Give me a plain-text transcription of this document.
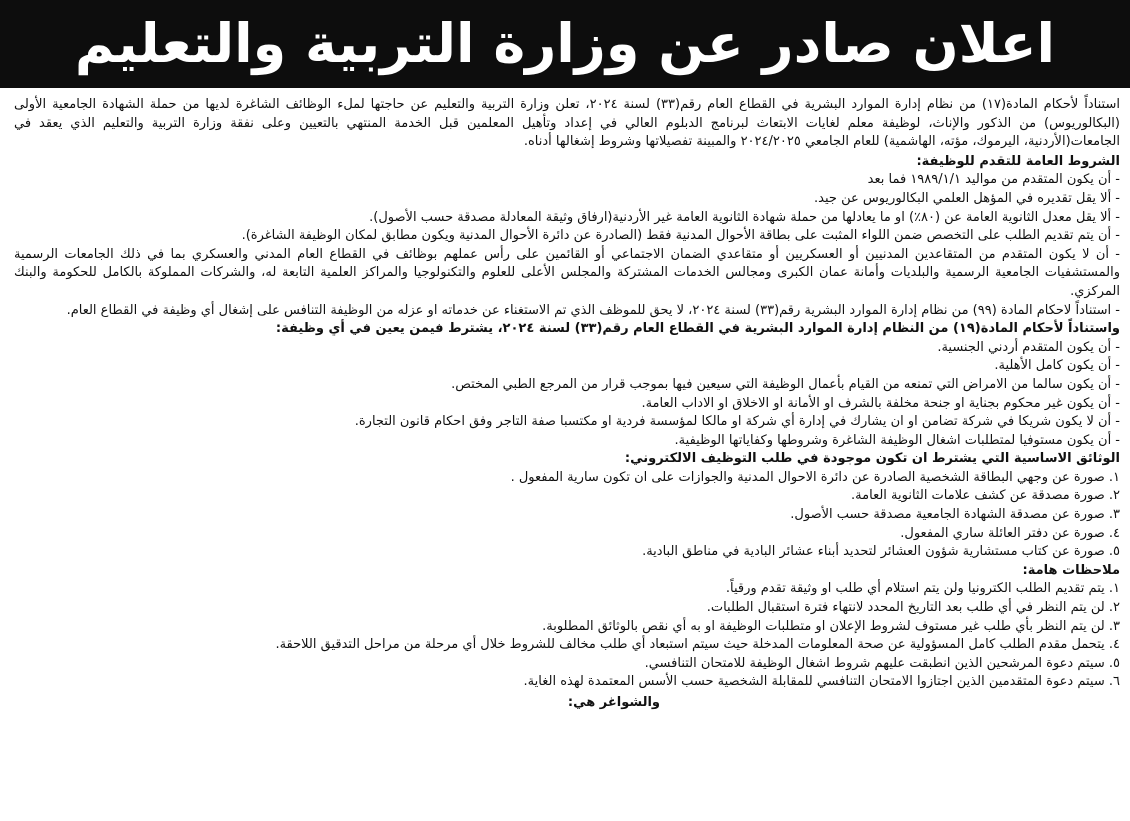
اعلان صادر عن وزارة التربية والتعليم

استناداً لأحكام المادة(١٧) من نظام إدارة الموارد البشرية في القطاع العام رقم(٣٣) لسنة ٢٠٢٤، تعلن وزارة التربية والتعليم عن حاجتها لملء الوظائف الشاغرة لديها من حملة الشهادة الجامعية الأولى (البكالوريوس) من الذكور والإناث، لوظيفة معلم لغايات الابتعاث لبرنامج الدبلوم العالي في إعداد وتأهيل المعلمين قبل الخدمة المنتهي بالتعيين وعلى نفقة وزارة التربية والتعليم الذي يعقد في الجامعات(الأردنية، اليرموك، مؤته، الهاشمية) للعام الجامعي ٢٠٢٤/٢٠٢٥ والمبينة تفصيلاتها وشروط إشغالها أدناه.

الشروط العامة للتقدم للوظيفة:
- أن يكون المتقدم من مواليد ١٩٨٩/١/١ فما بعد
- ألا يقل تقديره في المؤهل العلمي البكالوريوس عن جيد.
- ألا يقل معدل الثانوية العامة عن (٨٠٪) او ما يعادلها من حملة شهادة الثانوية العامة غير الأردنية(ارفاق وثيقة المعادلة مصدقة حسب الأصول).
- أن يتم تقديم الطلب على التخصص ضمن اللواء المثبت على بطاقة الأحوال المدنية فقط (الصادرة عن دائرة الأحوال المدنية ويكون مطابق لمكان الوظيفة الشاغرة).
- أن لا يكون المتقدم من المتقاعدين المدنيين أو العسكريين أو متقاعدي الضمان الاجتماعي أو القائمين على رأس عملهم بوظائف في القطاع العام المدني والعسكري بما في ذلك الجامعات الرسمية والمستشفيات الجامعية الرسمية والبلديات وأمانة عمان الكبرى ومجالس الخدمات المشتركة والمجلس الأعلى للعلوم والتكنولوجيا والمراكز العلمية التابعة له، والشركات المملوكة بالكامل للحكومة والبنك المركزي.
- استناداً لاحكام المادة (٩٩) من نظام إدارة الموارد البشرية رقم(٣٣) لسنة ٢٠٢٤، لا يحق للموظف الذي تم الاستغناء عن خدماته او عزله من الوظيفة التنافس على إشغال أي وظيفة في القطاع العام.
واستناداً لأحكام المادة(١٩) من النظام إدارة الموارد البشرية في القطاع العام رقم(٣٣) لسنة ٢٠٢٤، يشترط فيمن يعين في أي وظيفة:
- أن يكون المتقدم أردني الجنسية.
- أن يكون كامل الأهلية.
- أن يكون سالما من الامراض التي تمنعه من القيام بأعمال الوظيفة التي سيعين فيها بموجب قرار من المرجع الطبي المختص.
- أن يكون غير محكوم بجناية او جنحة مخلفة بالشرف او الأمانة او الاخلاق او الاداب العامة.
- أن لا يكون شريكا في شركة تضامن او ان يشارك في إدارة أي شركة او مالكا لمؤسسة فردية او مكتسبا صفة التاجر وفق احكام قانون التجارة.
- أن يكون مستوفيا لمتطلبات اشغال الوظيفة الشاغرة وشروطها وكفاياتها الوظيفية.
الوثائق الاساسية التي يشترط ان تكون موجودة في طلب التوظيف الالكتروني:
١. صورة عن وجهي البطاقة الشخصية الصادرة عن دائرة الاحوال المدنية والجوازات على ان تكون سارية المفعول .
٢. صورة مصدقة عن كشف علامات الثانوية العامة.
٣. صورة عن مصدقة الشهادة الجامعية مصدقة حسب الأصول.
٤. صورة عن دفتر العائلة ساري المفعول.
٥. صورة عن كتاب مستشارية شؤون العشائر لتحديد أبناء عشائر البادية في مناطق البادية.
ملاحظات هامة:
١. يتم تقديم الطلب الكترونيا ولن يتم استلام أي طلب او وثيقة تقدم ورقياً.
٢. لن يتم النظر في أي طلب بعد التاريخ المحدد لانتهاء فترة استقبال الطلبات.
٣. لن يتم النظر بأي طلب غير مستوف لشروط الإعلان او متطلبات الوظيفة او به أي نقص بالوثائق المطلوبة.
٤. يتحمل مقدم الطلب كامل المسؤولية عن صحة المعلومات المدخلة حيث سيتم استبعاد أي طلب مخالف للشروط خلال أي مرحلة من مراحل التدقيق اللاحقة.
٥. سيتم دعوة المرشحين الذين انطبقت عليهم شروط اشغال الوظيفة للامتحان التنافسي.
٦. سيتم دعوة المتقدمين الذين اجتازوا الامتحان التنافسي للمقابلة الشخصية حسب الأسس المعتمدة لهذه الغاية.
والشواغر هي:
